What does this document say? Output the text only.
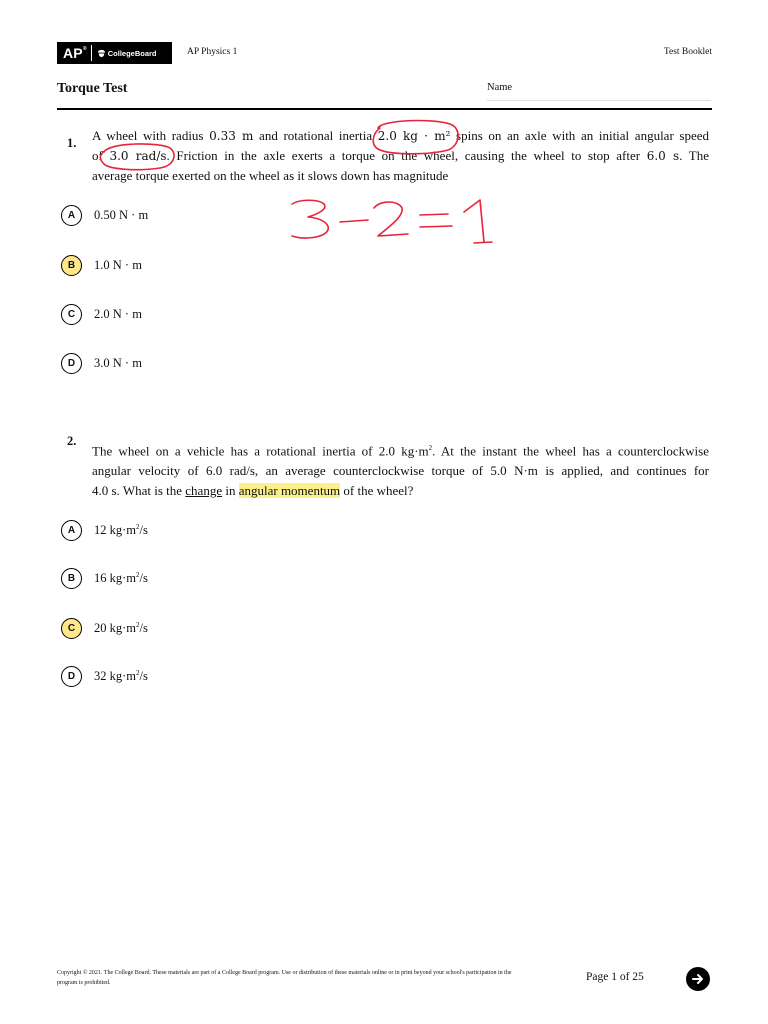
AP®	CollegeBoard	AP Physics 1	Test Booklet
Torque Test	Name
1. A wheel with radius 0.33 m and rotational inertia 2.0 kg · m² spins on an axle with an initial angular speed
of 3.0 rad/s. Friction in the axle exerts a torque on the wheel, causing the wheel to stop after 6.0 s. The
average torque exerted on the wheel as it slows down has magnitude
A	0.50 N · m
B	1.0 N · m
C	2.0 N · m
D	3.0 N · m
2.
The wheel on a vehicle has a rotational inertia of 2.0 $kg\cdot m^2$. At the instant the wheel has a counterclockwise
angular velocity of 6.0 rad/s, an average counterclockwise torque of 5.0 N·m is applied, and continues for
4.0 s. What is the change in angular momentum of the wheel?
A	12 $kg\cdot m^2/s$
B	16 $kg\cdot m^2/s$
C	20 $kg\cdot m^2/s$
D	32 $kg\cdot m^2/s$
Copyright © 2021. The College Board. These materials are part of a College Board program. Use or distribution of these materials online or in print beyond your school's participation in the program is prohibited.	Page 1 of 25
